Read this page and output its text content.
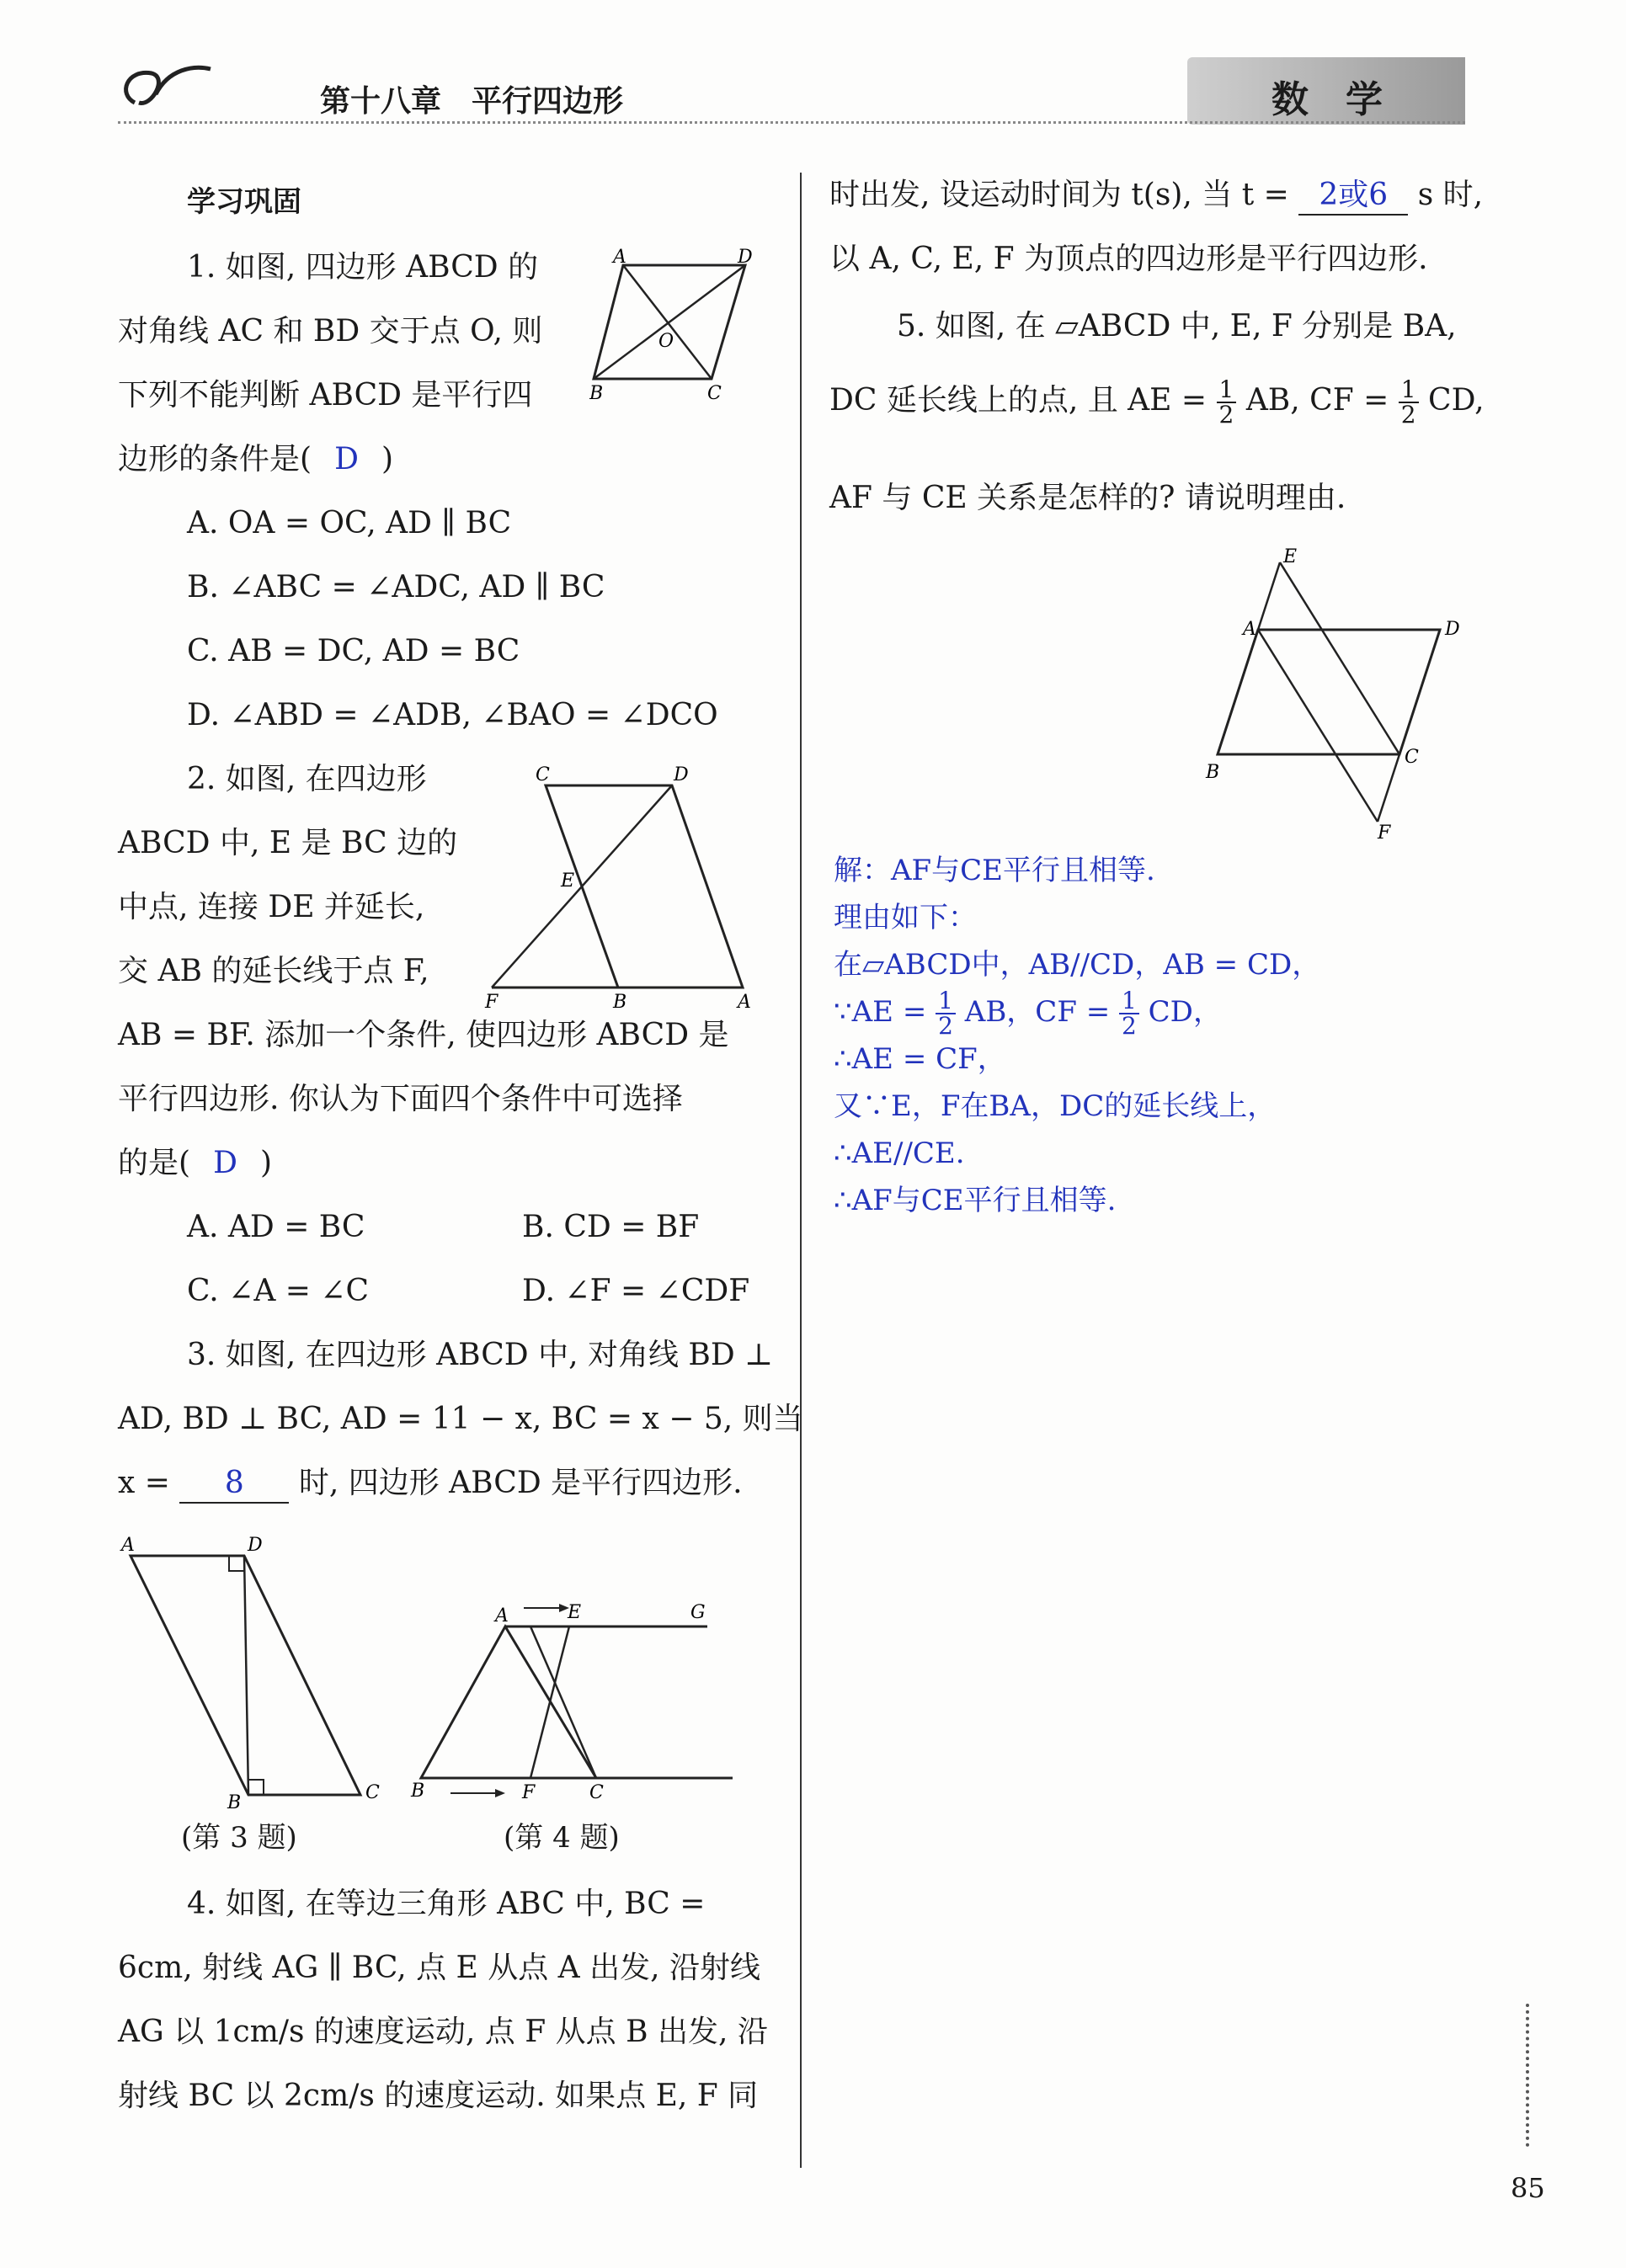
第十八章　平行四边形	数　学
学习巩固
1. 如图, 四边形 ABCD 的
对角线 AC 和 BD 交于点 O, 则
下列不能判断 ABCD 是平行四
边形的条件是( D )
A. OA = OC, AD ∥ BC
B. ∠ABC = ∠ADC, AD ∥ BC
C. AB = DC, AD = BC
D. ∠ABD = ∠ADB, ∠BAO = ∠DCO
A	D
B	C
O
2. 如图, 在四边形
ABCD 中, E 是 BC 边的
中点, 连接 DE 并延长,
交 AB 的延长线于点 F,
AB = BF. 添加一个条件, 使四边形 ABCD 是
平行四边形. 你认为下面四个条件中可选择
的是( D )
A. AD = BC	B. CD = BF
C. ∠A = ∠C	D. ∠F = ∠CDF
C	D
E
F	B	A
3. 如图, 在四边形 ABCD 中, 对角线 BD ⊥
AD, BD ⊥ BC, AD = 11 − x, BC = x − 5, 则当
x = 8 时, 四边形 ABCD 是平行四边形.
A	D
B	C
(第 3 题)
A	E	G
B	F	C
(第 4 题)
4. 如图, 在等边三角形 ABC 中, BC =
6cm, 射线 AG ∥ BC, 点 E 从点 A 出发, 沿射线
AG 以 1cm/s 的速度运动, 点 F 从点 B 出发, 沿
射线 BC 以 2cm/s 的速度运动. 如果点 E, F 同
时出发, 设运动时间为 t(s), 当 t = 2或6 s 时,
以 A, C, E, F 为顶点的四边形是平行四边形.
5. 如图, 在 ▱ABCD 中, E, F 分别是 BA,
DC 延长线上的点, 且 AE = $\frac{1}{2}$ AB, CF = $\frac{1}{2}$ CD,
AF 与 CE 关系是怎样的? 请说明理由.
E
A	D
B
C
F
解：AF与CE平行且相等.
理由如下：
在▱ABCD中，AB//CD，AB = CD，
∵AE = $\frac{1}{2}$ AB，CF = $\frac{1}{2}$ CD，
∴AE = CF，
又∵E，F在BA，DC的延长线上，
∴AE//CE.
∴AF与CE平行且相等.
85
